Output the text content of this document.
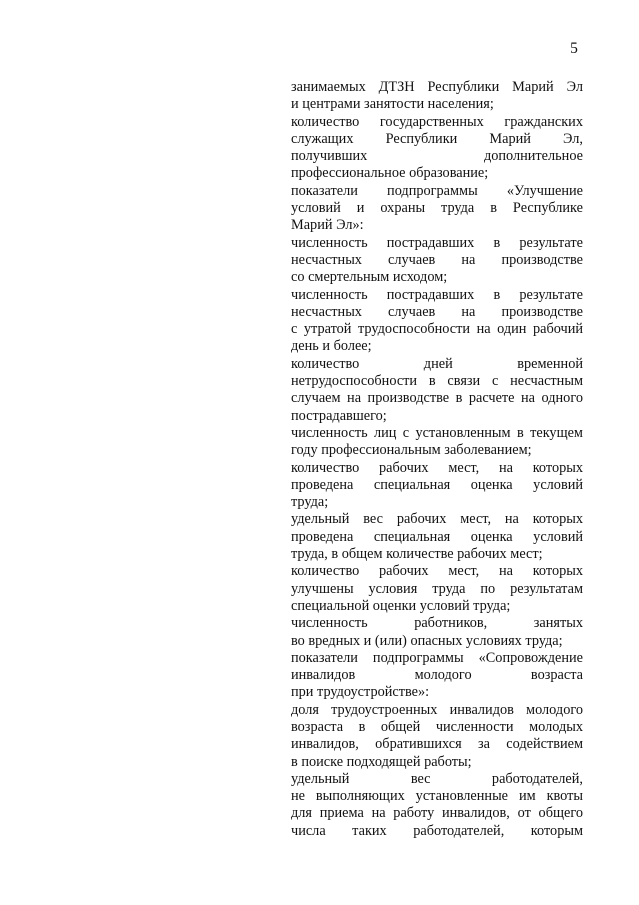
5
занимаемых ДТЗН Республики Марий Эл
и центрами занятости населения;
количество государственных гражданских
служащих Республики Марий Эл,
получивших дополнительное
профессиональное образование;
показатели подпрограммы «Улучшение
условий и охраны труда в Республике
Марий Эл»:
численность пострадавших в результате
несчастных случаев на производстве
со смертельным исходом;
численность пострадавших в результате
несчастных случаев на производстве
с утратой трудоспособности на один рабочий
день и более;
количество дней временной
нетрудоспособности в связи с несчастным
случаем на производстве в расчете на одного
пострадавшего;
численность лиц с установленным в текущем
году профессиональным заболеванием;
количество рабочих мест, на которых
проведена специальная оценка условий
труда;
удельный вес рабочих мест, на которых
проведена специальная оценка условий
труда, в общем количестве рабочих мест;
количество рабочих мест, на которых
улучшены условия труда по результатам
специальной оценки условий труда;
численность работников, занятых
во вредных и (или) опасных условиях труда;
показатели подпрограммы «Сопровождение
инвалидов молодого возраста
при трудоустройстве»:
доля трудоустроенных инвалидов молодого
возраста в общей численности молодых
инвалидов, обратившихся за содействием
в поиске подходящей работы;
удельный вес работодателей,
не выполняющих установленные им квоты
для приема на работу инвалидов, от общего
числа таких работодателей, которым
